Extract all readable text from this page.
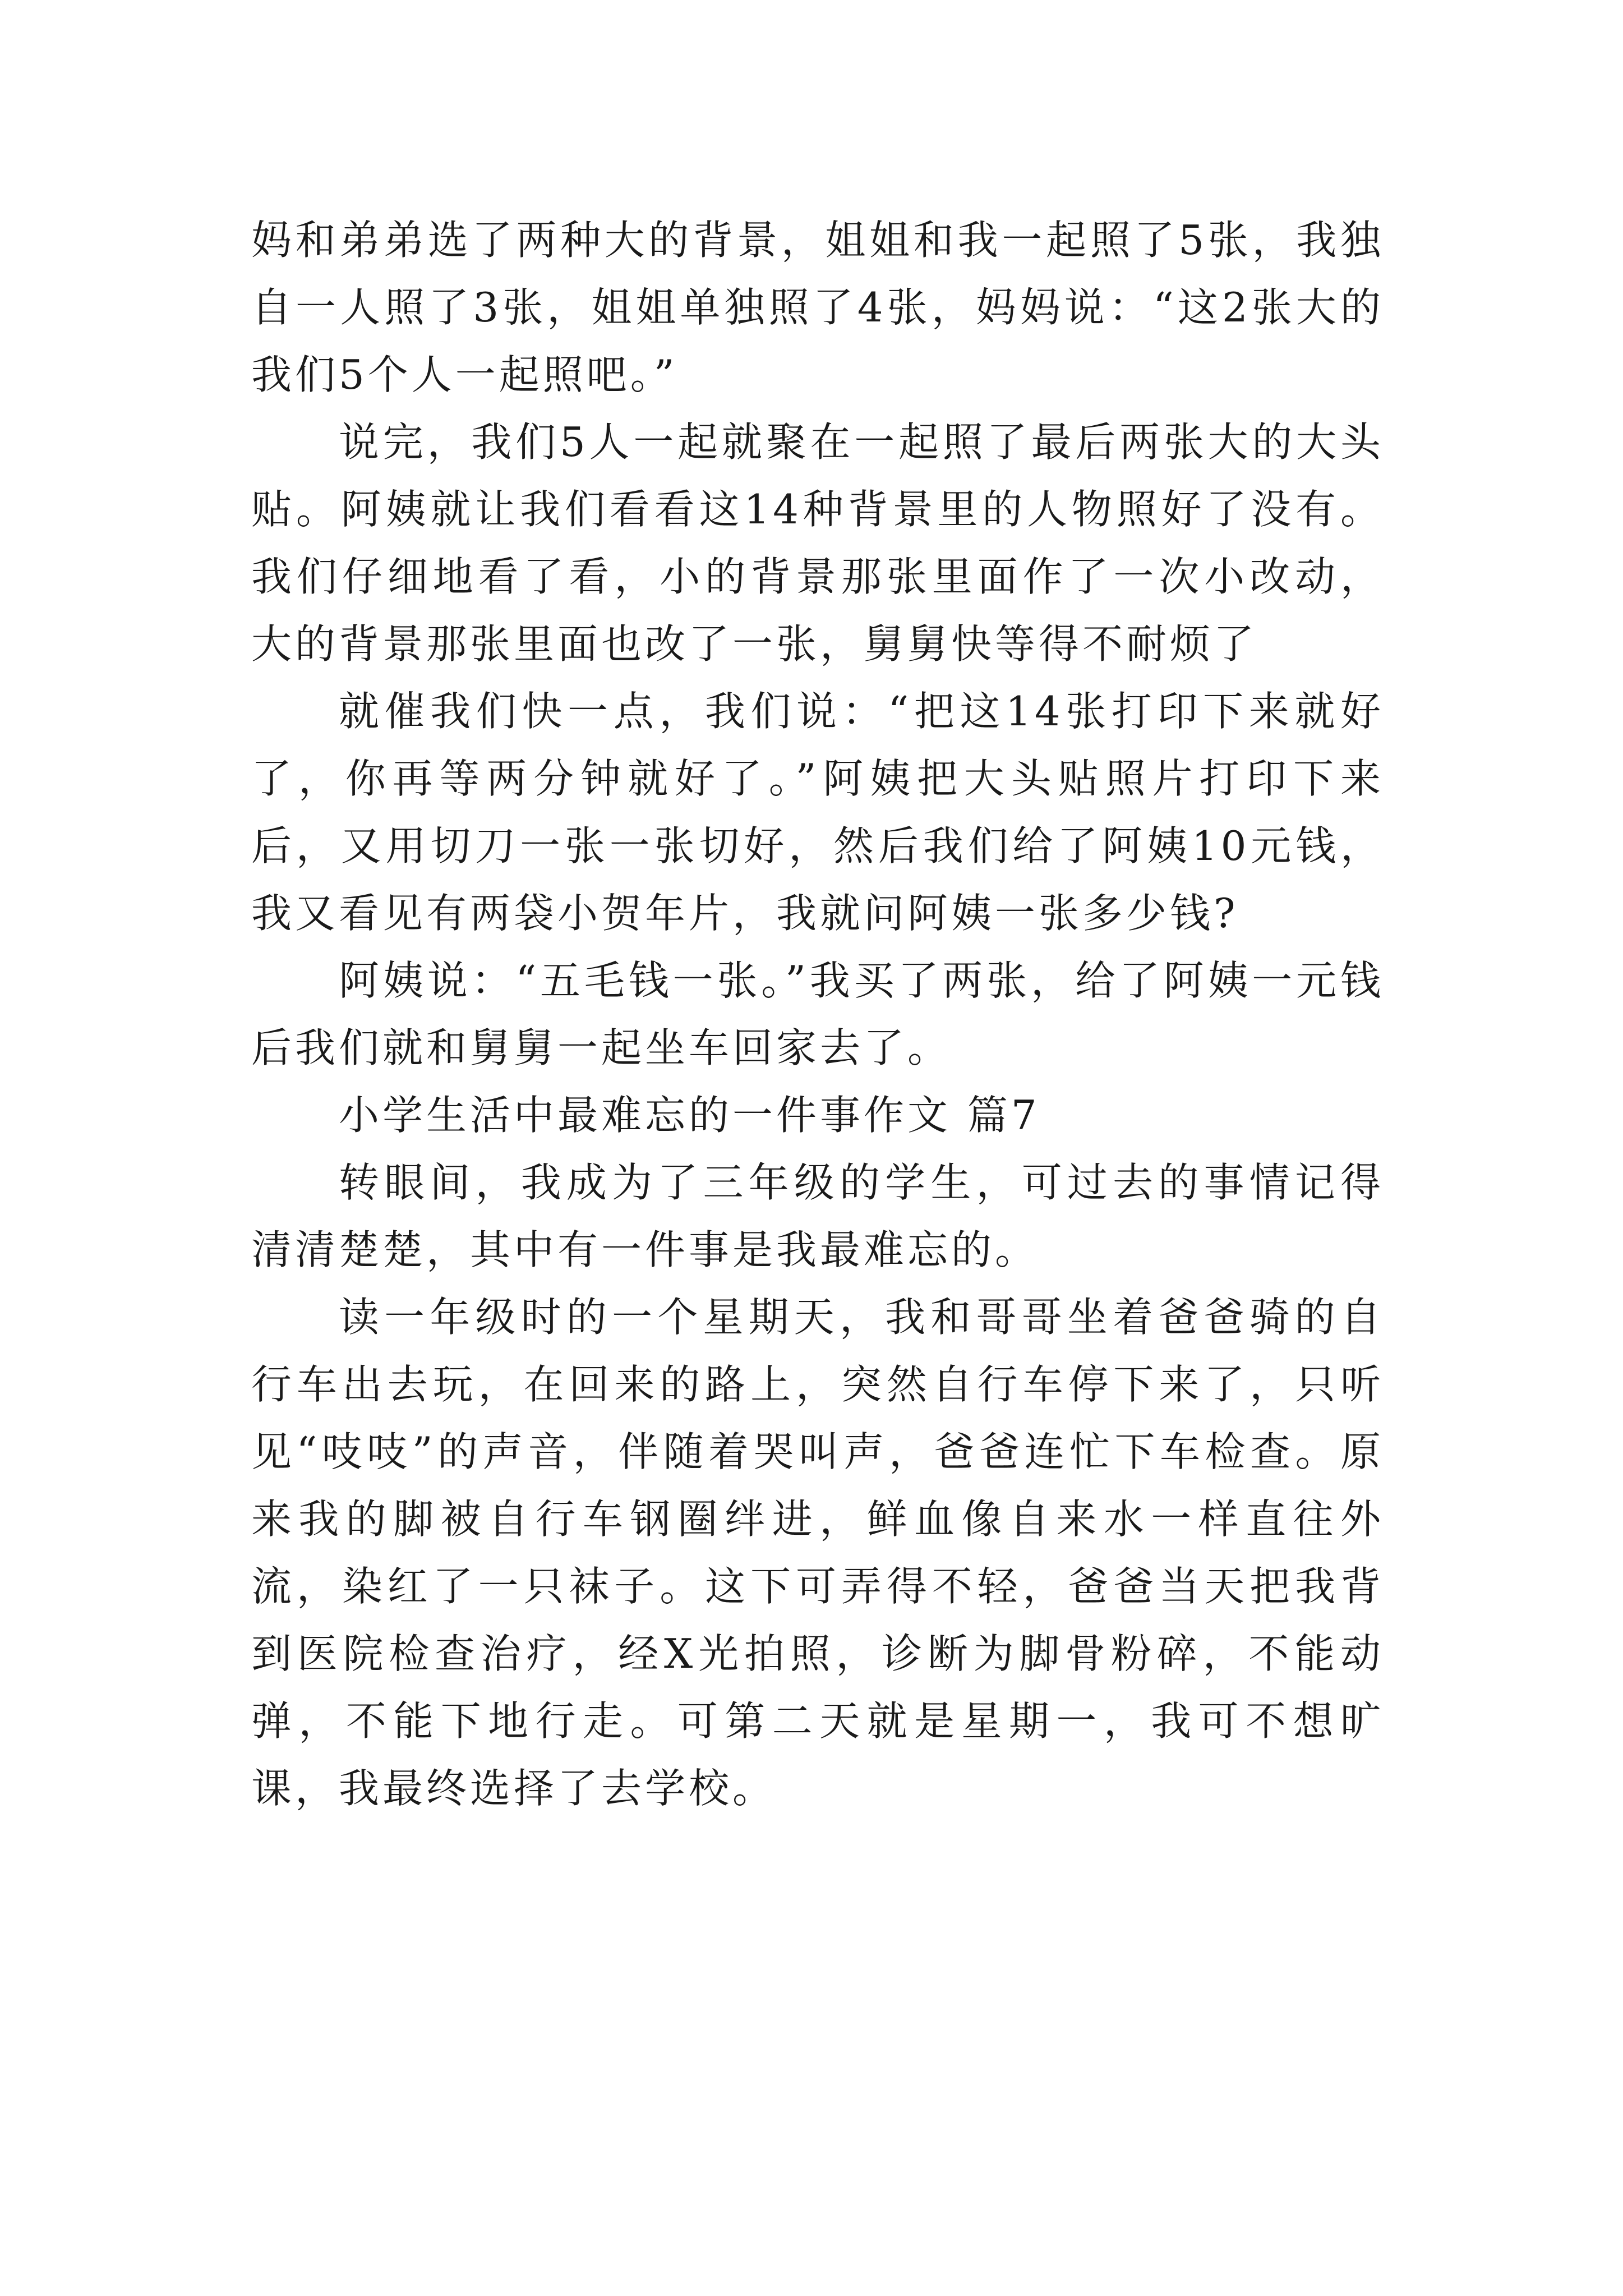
妈和弟弟选了两种大的背景，姐姐和我一起照了5张，我独自一人照了3张，姐姐单独照了4张，妈妈说：“这2张大的我们5个人一起照吧。”

说完，我们5人一起就聚在一起照了最后两张大的大头贴。阿姨就让我们看看这14种背景里的人物照好了没有。我们仔细地看了看，小的背景那张里面作了一次小改动，大的背景那张里面也改了一张，舅舅快等得不耐烦了

就催我们快一点，我们说：“把这14张打印下来就好了，你再等两分钟就好了。”阿姨把大头贴照片打印下来后，又用切刀一张一张切好，然后我们给了阿姨10元钱，我又看见有两袋小贺年片，我就问阿姨一张多少钱?

阿姨说：“五毛钱一张。”我买了两张，给了阿姨一元钱后我们就和舅舅一起坐车回家去了。

小学生活中最难忘的一件事作文 篇7

转眼间，我成为了三年级的学生，可过去的事情记得清清楚楚，其中有一件事是我最难忘的。

读一年级时的一个星期天，我和哥哥坐着爸爸骑的自行车出去玩，在回来的路上，突然自行车停下来了，只听见“吱吱”的声音，伴随着哭叫声，爸爸连忙下车检查。原来我的脚被自行车钢圈绊进，鲜血像自来水一样直往外流，染红了一只袜子。这下可弄得不轻，爸爸当天把我背到医院检查治疗，经X光拍照，诊断为脚骨粉碎，不能动弹，不能下地行走。可第二天就是星期一，我可不想旷课，我最终选择了去学校。
